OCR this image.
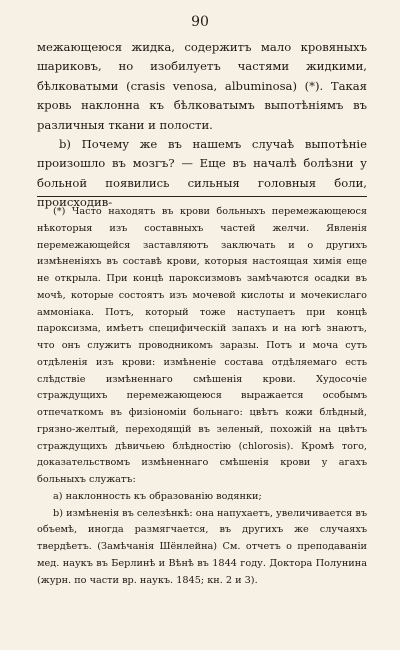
90

межающеюся жидка, содержитъ мало кровяныхъ шариковъ, но изобилуетъ частями жидкими, бѣлковатыми (crasis venosa, albuminosa) (*). Такая кровь наклонна къ бѣлковатымъ выпотѣніямъ въ различныя ткани и полости.

b) Почему же въ нашемъ случаѣ выпотѣніе произошло въ мозгъ? — Еще въ началѣ болѣзни у больной появились сильныя головныя боли, происходив-

(*) Часто находятъ въ крови больныхъ перемежающеюся нѣкоторыя изъ составныхъ частей желчи. Явленія перемежающейся заставляютъ заключать и о другихъ измѣненіяхъ въ составѣ крови, которыя настоящая химія еще не открыла. При концѣ пароксизмовъ замѣчаются осадки въ мочѣ, которые состоятъ изъ мочевой кислоты и мочекислаго аммоніака. Потъ, который тоже наступаетъ при концѣ пароксизма, имѣетъ специфическій запахъ и на югѣ знаютъ, что онъ служитъ проводникомъ заразы. Потъ и моча суть отдѣленія изъ крови: измѣненіе состава отдѣляемаго есть слѣдствіе измѣненнаго смѣшенія крови. Худосочіе страждущихъ перемежающеюся выражается особымъ отпечаткомъ въ физіономіи больнаго: цвѣтъ кожи блѣдный, грязно-желтый, переходящій въ зеленый, похожій на цвѣтъ страждущихъ дѣвичьею блѣдностію (chlorosis). Кромѣ того, доказательствомъ измѣненнаго смѣшенія крови у агахъ больныхъ служатъ:

а) наклонность къ образованію водянки;

b) измѣненія въ селезѣнкѣ: она напухаетъ, увеличивается въ объемѣ, иногда размягчается, въ другихъ же случаяхъ твердѣетъ. (Замѣчанія Шёнлейна) См. отчетъ о преподаваніи мед. наукъ въ Берлинѣ и Вѣнѣ въ 1844 году. Доктора Полунина (журн. по части вр. наукъ. 1845; кн. 2 и 3).
